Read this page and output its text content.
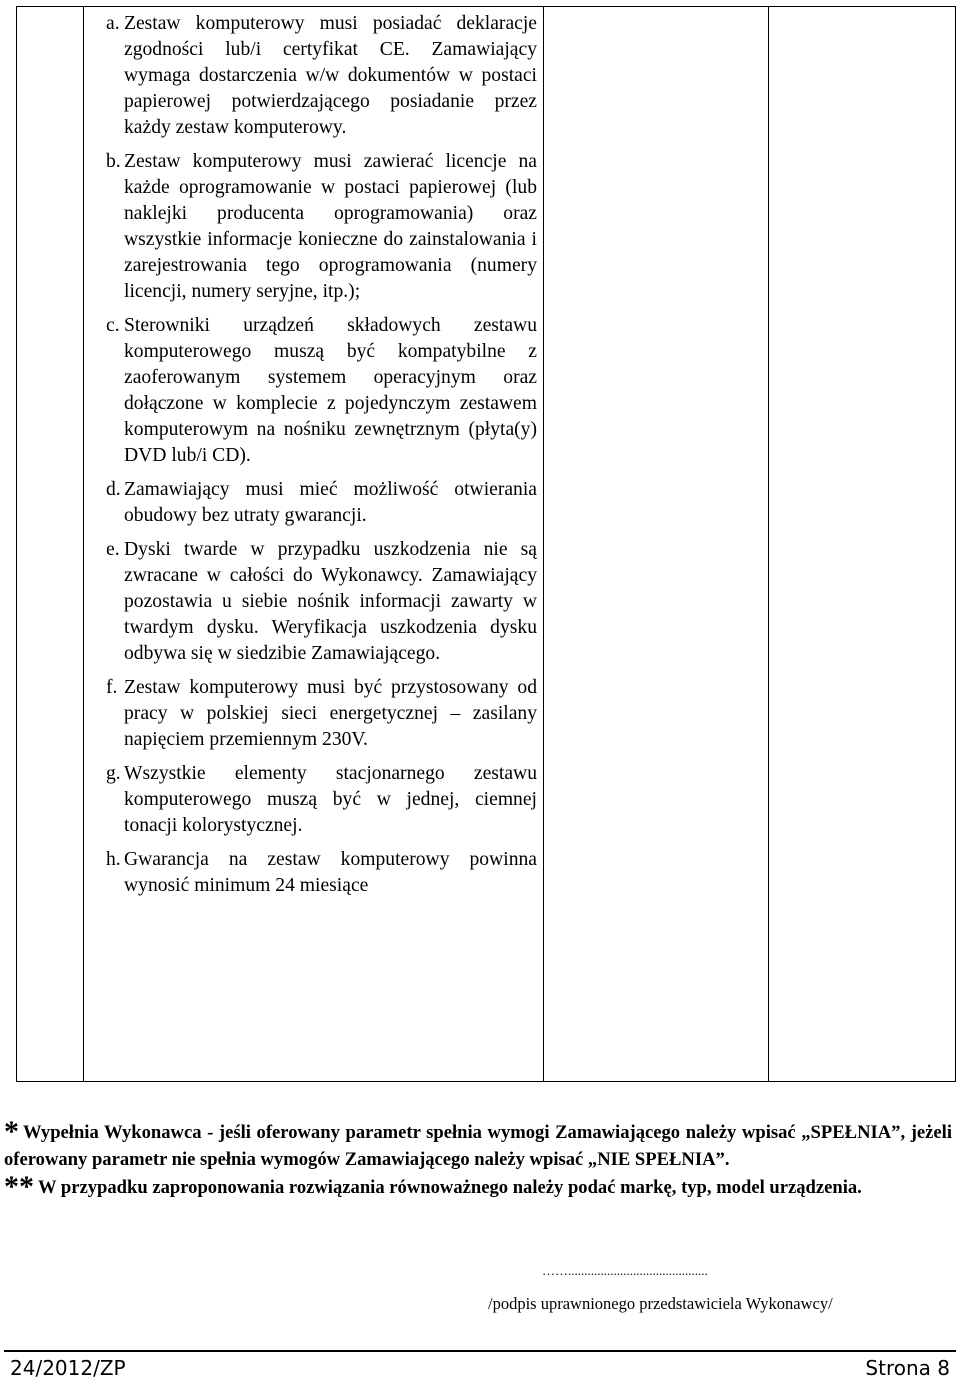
a. Zestaw komputerowy musi posiadać deklaracje zgodności lub/i certyfikat CE. Zamawiający wymaga dostarczenia w/w dokumentów w postaci papierowej potwierdzającego posiadanie przez każdy zestaw komputerowy.
b. Zestaw komputerowy musi zawierać licencje na każde oprogramowanie w postaci papierowej (lub naklejki producenta oprogramowania) oraz wszystkie informacje konieczne do zainstalowania i zarejestrowania tego oprogramowania (numery licencji, numery seryjne, itp.);
c. Sterowniki urządzeń składowych zestawu komputerowego muszą być kompatybilne z zaoferowanym systemem operacyjnym oraz dołączone w komplecie z pojedynczym zestawem komputerowym na nośniku zewnętrznym (płyta(y) DVD lub/i CD).
d. Zamawiający musi mieć możliwość otwierania obudowy bez utraty gwarancji.
e. Dyski twarde w przypadku uszkodzenia nie są zwracane w całości do Wykonawcy. Zamawiający pozostawia u siebie nośnik informacji zawarty w twardym dysku. Weryfikacja uszkodzenia dysku odbywa się w siedzibie Zamawiającego.
f. Zestaw komputerowy musi być przystosowany od pracy w polskiej sieci energetycznej – zasilany napięciem przemiennym 230V.
g. Wszystkie elementy stacjonarnego zestawu komputerowego muszą być w jednej, ciemnej tonacji kolorystycznej.
h. Gwarancja na zestaw komputerowy powinna wynosić minimum 24 miesiące

* Wypełnia Wykonawca - jeśli oferowany parametr spełnia wymogi Zamawiającego należy wpisać „SPEŁNIA”, jeżeli oferowany parametr nie spełnia wymogów Zamawiającego należy wpisać „NIE SPEŁNIA”.

** W przypadku zaproponowania rozwiązania równoważnego należy podać markę, typ, model urządzenia.

……...........................................
/podpis uprawnionego przedstawiciela Wykonawcy/
24/2012/ZP	Strona 8
